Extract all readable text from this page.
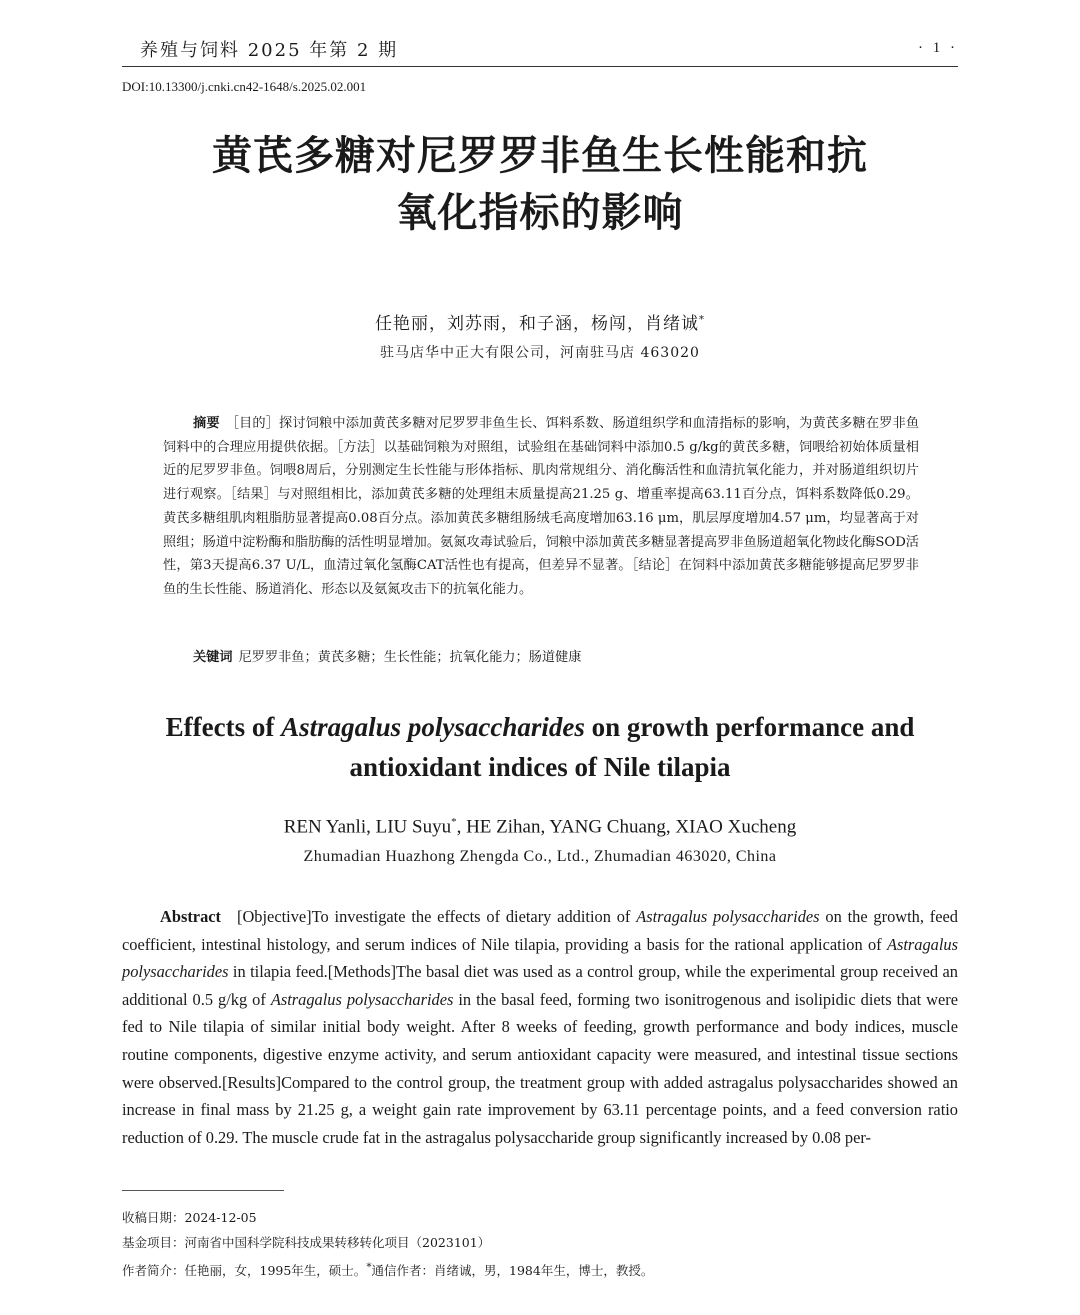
养殖与饲料 2025 年第 2 期	· 1 ·
DOI:10.13300/j.cnki.cn42-1648/s.2025.02.001
黄芪多糖对尼罗罗非鱼生长性能和抗
氧化指标的影响
任艳丽，刘苏雨，和子涵，杨闯，肖绪诚*
驻马店华中正大有限公司，河南驻马店 463020

摘要 ［目的］探讨饲粮中添加黄芪多糖对尼罗罗非鱼生长、饵料系数、肠道组织学和血清指标的影响，为黄芪多糖在罗非鱼饲料中的合理应用提供依据。［方法］以基础饲粮为对照组，试验组在基础饲料中添加0.5 g/kg的黄芪多糖，饲喂给初始体质量相近的尼罗罗非鱼。饲喂8周后，分别测定生长性能与形体指标、肌肉常规组分、消化酶活性和血清抗氧化能力，并对肠道组织切片进行观察。［结果］与对照组相比，添加黄芪多糖的处理组末质量提高21.25 g、增重率提高63.11百分点，饵料系数降低0.29。黄芪多糖组肌肉粗脂肪显著提高0.08百分点。添加黄芪多糖组肠绒毛高度增加63.16 μm，肌层厚度增加4.57 μm，均显著高于对照组；肠道中淀粉酶和脂肪酶的活性明显增加。氨氮攻毒试验后，饲粮中添加黄芪多糖显著提高罗非鱼肠道超氧化物歧化酶SOD活性，第3天提高6.37 U/L，血清过氧化氢酶CAT活性也有提高，但差异不显著。［结论］在饲料中添加黄芪多糖能够提高尼罗罗非鱼的生长性能、肠道消化、形态以及氨氮攻击下的抗氧化能力。

关键词 尼罗罗非鱼；黄芪多糖；生长性能；抗氧化能力；肠道健康
Effects of Astragalus polysaccharides on growth performance and antioxidant indices of Nile tilapia
REN Yanli, LIU Suyu*, HE Zihan, YANG Chuang, XIAO Xucheng
Zhumadian Huazhong Zhengda Co., Ltd., Zhumadian 463020, China

Abstract [Objective]To investigate the effects of dietary addition of Astragalus polysaccharides on the growth, feed coefficient, intestinal histology, and serum indices of Nile tilapia, providing a basis for the rational application of Astragalus polysaccharides in tilapia feed.[Methods]The basal diet was used as a control group, while the experimental group received an additional 0.5 g/kg of Astragalus polysaccharides in the basal feed, forming two isonitrogenous and isolipidic diets that were fed to Nile tilapia of similar initial body weight. After 8 weeks of feeding, growth performance and body indices, muscle routine components, digestive enzyme activity, and serum antioxidant capacity were measured, and intestinal tissue sections were observed.[Results]Compared to the control group, the treatment group with added astragalus polysaccharides showed an increase in final mass by 21.25 g, a weight gain rate improvement by 63.11 percentage points, and a feed conversion ratio reduction of 0.29. The muscle crude fat in the astragalus polysaccharide group significantly increased by 0.08 per-

收稿日期：2024-12-05
基金项目：河南省中国科学院科技成果转移转化项目（2023101）
作者简介：任艳丽，女，1995年生，硕士。*通信作者：肖绪诚，男，1984年生，博士，教授。
